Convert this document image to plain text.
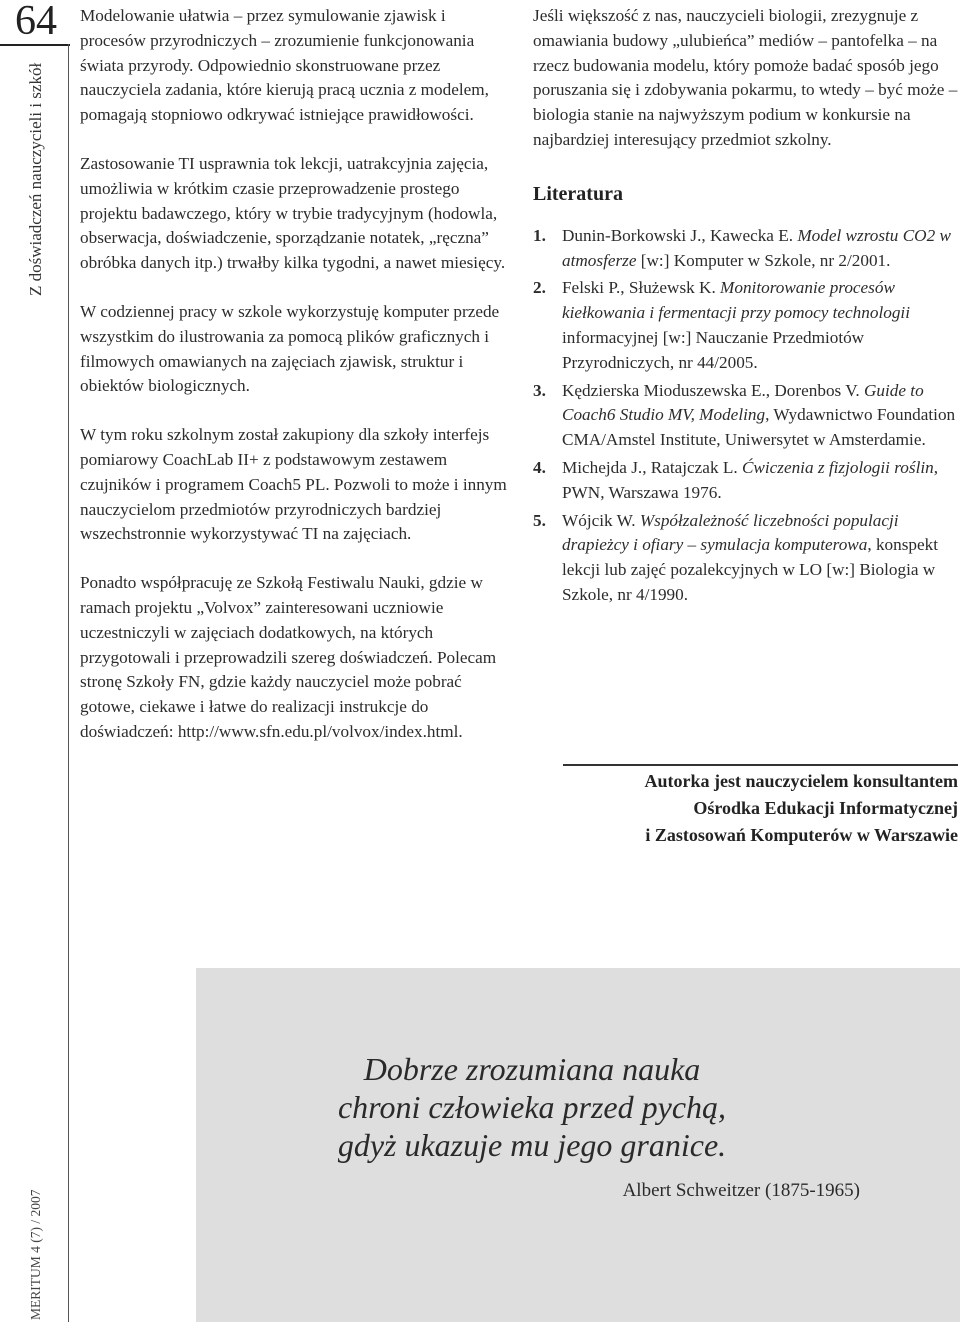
64
Z doświadczeń nauczycieli i szkół
MERITUM 4 (7) / 2007

Modelowanie ułatwia – przez symulowanie zjawisk i procesów przyrodniczych – zrozumienie funkcjonowania świata przyrody. Odpowiednio skonstruowane przez nauczyciela zadania, które kierują pracą ucznia z modelem, pomagają stopniowo odkrywać istniejące prawidłowości.

Zastosowanie TI usprawnia tok lekcji, uatrakcyjnia zajęcia, umożliwia w krótkim czasie przeprowadzenie prostego projektu badawczego, który w trybie tradycyjnym (hodowla, obserwacja, doświadczenie, sporządzanie notatek, „ręczna” obróbka danych itp.) trwałby kilka tygodni, a nawet miesięcy.

W codziennej pracy w szkole wykorzystuję komputer przede wszystkim do ilustrowania za pomocą plików graficznych i filmowych omawianych na zajęciach zjawisk, struktur i obiektów biologicznych.

W tym roku szkolnym został zakupiony dla szkoły interfejs pomiarowy CoachLab II+ z podstawowym zestawem czujników i programem Coach5 PL. Pozwoli to może i innym nauczycielom przedmiotów przyrodniczych bardziej wszechstronnie wykorzystywać TI na zajęciach.

Ponadto współpracuję ze Szkołą Festiwalu Nauki, gdzie w ramach projektu „Volvox” zainteresowani uczniowie uczestniczyli w zajęciach dodatkowych, na których przygotowali i przeprowadzili szereg doświadczeń. Polecam stronę Szkoły FN, gdzie każdy nauczyciel może pobrać gotowe, ciekawe i łatwe do realizacji instrukcje do doświadczeń: http://www.sfn.edu.pl/volvox/index.html.

Jeśli większość z nas, nauczycieli biologii, zrezygnuje z omawiania budowy „ulubieńca” mediów – pantofelka – na rzecz budowania modelu, który pomoże badać sposób jego poruszania się i zdobywania pokarmu, to wtedy – być może – biologia stanie na najwyższym podium w konkursie na najbardziej interesujący przedmiot szkolny.

Literatura
1. Dunin-Borkowski J., Kawecka E. Model wzrostu CO2 w atmosferze [w:] Komputer w Szkole, nr 2/2001.
2. Felski P., Służewsk K. Monitorowanie procesów kiełkowania i fermentacji przy pomocy technologii informacyjnej [w:] Nauczanie Przedmiotów Przyrodniczych, nr 44/2005.
3. Kędzierska Mioduszewska E., Dorenbos V. Guide to Coach6 Studio MV, Modeling, Wydawnictwo Foundation CMA/Amstel Institute, Uniwersytet w Amsterdamie.
4. Michejda J., Ratajczak L. Ćwiczenia z fizjologii roślin, PWN, Warszawa 1976.
5. Wójcik W. Współzależność liczebności populacji drapieżcy i ofiary – symulacja komputerowa, konspekt lekcji lub zajęć pozalekcyjnych w LO [w:] Biologia w Szkole, nr 4/1990.
Autorka jest nauczycielem konsultantem
Ośrodka Edukacji Informatycznej
i Zastosowań Komputerów w Warszawie
Dobrze zrozumiana nauka
chroni człowieka przed pychą,
gdyż ukazuje mu jego granice.
Albert Schweitzer (1875-1965)
